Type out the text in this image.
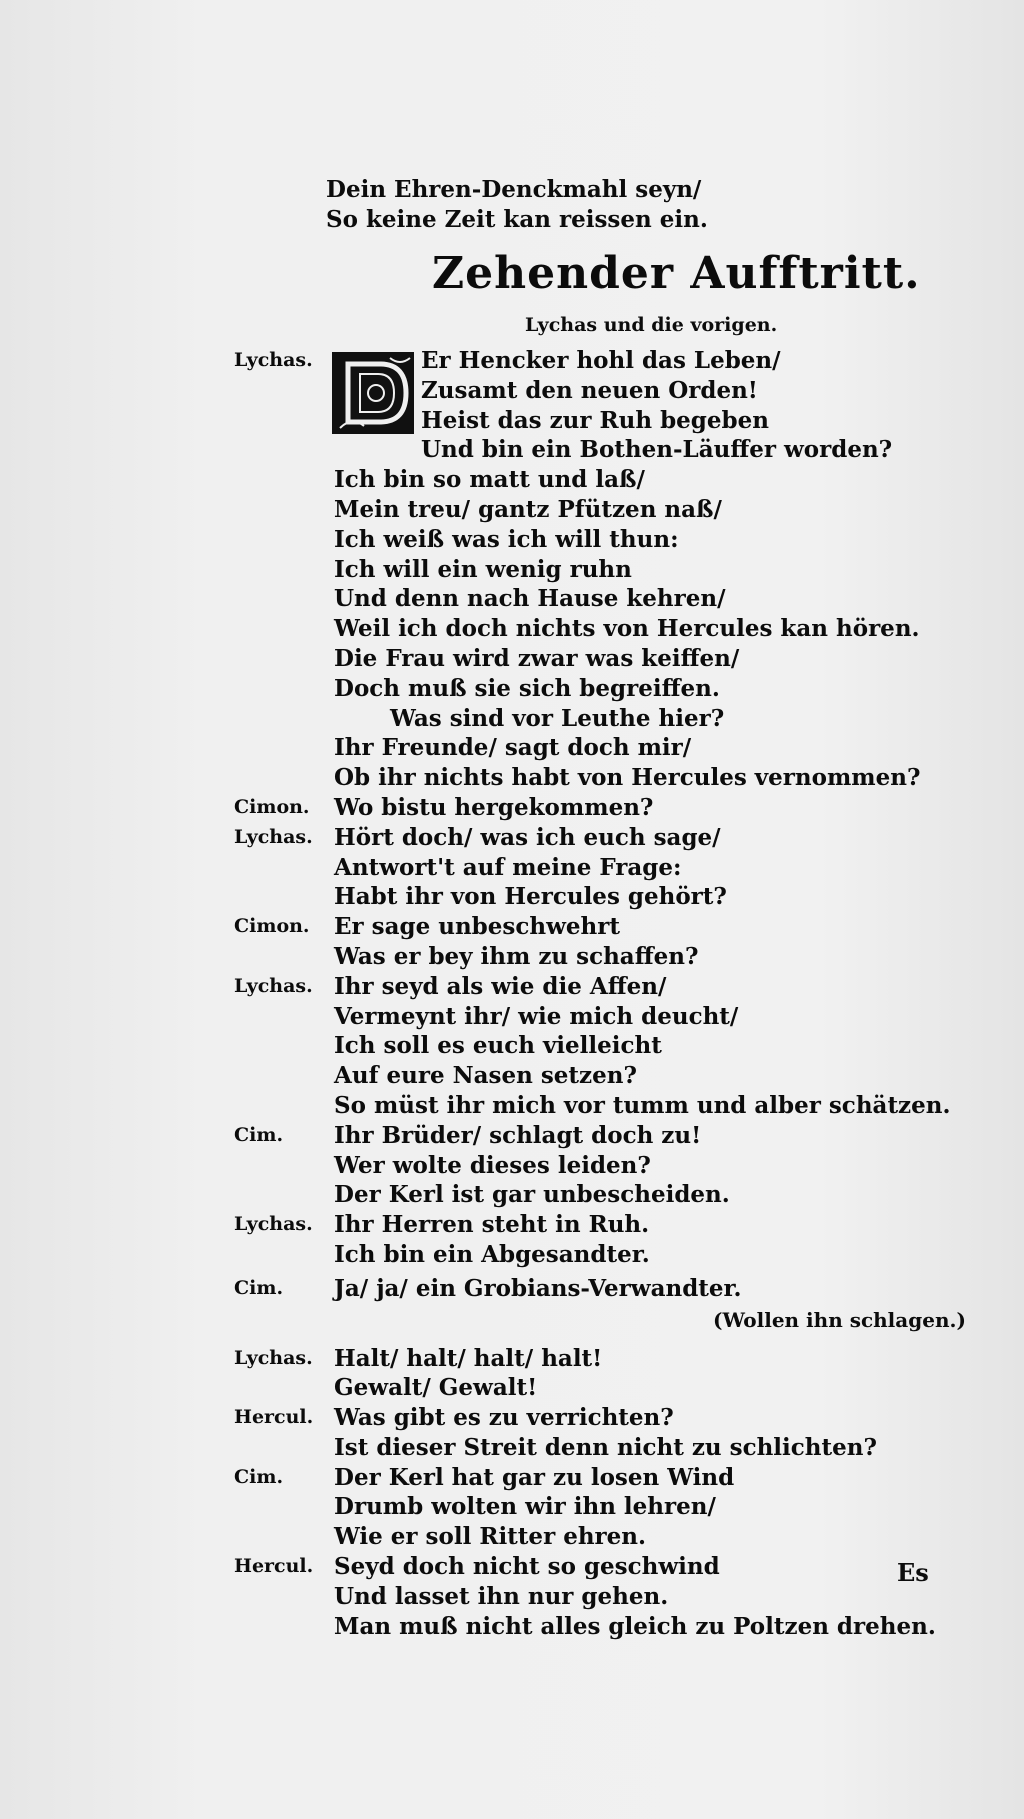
Dein Ehren-Denckmahl seyn/
So keine Zeit kan reissen ein.
Zehender Aufftritt.
Lychas und die vorigen.
Lychas.	Er Hencker hohl das Leben/
Zusamt den neuen Orden!
Heist das zur Ruh begeben
Und bin ein Bothen-Läuffer worden?
Ich bin so matt und laß/
Mein treu/ gantz Pfützen naß/
Ich weiß was ich will thun:
Ich will ein wenig ruhn
Und denn nach Hause kehren/
Weil ich doch nichts von Hercules kan hören.
Die Frau wird zwar was keiffen/
Doch muß sie sich begreiffen.
Was sind vor Leuthe hier?
Ihr Freunde/ sagt doch mir/
Ob ihr nichts habt von Hercules vernommen?
Cimon. Wo bistu hergekommen?
Lychas. Hört doch/ was ich euch sage/
Antwort't auf meine Frage:
Habt ihr von Hercules gehört?
Cimon. Er sage unbeschwehrt
Was er bey ihm zu schaffen?
Lychas. Ihr seyd als wie die Affen/
Vermeynt ihr/ wie mich deucht/
Ich soll es euch vielleicht
Auf eure Nasen setzen?
So müst ihr mich vor tumm und alber schätzen.
Cim. Ihr Brüder/ schlagt doch zu!
Wer wolte dieses leiden?
Der Kerl ist gar unbescheiden.
Lychas. Ihr Herren steht in Ruh.
Ich bin ein Abgesandter.
Cim. Ja/ ja/ ein Grobians-Verwandter.
(Wollen ihn schlagen.)
Lychas. Halt/ halt/ halt/ halt!
Gewalt/ Gewalt!
Hercul. Was gibt es zu verrichten?
Ist dieser Streit denn nicht zu schlichten?
Cim. Der Kerl hat gar zu losen Wind
Drumb wolten wir ihn lehren/
Wie er soll Ritter ehren.
Hercul. Seyd doch nicht so geschwind
Und lasset ihn nur gehen.
Man muß nicht alles gleich zu Poltzen drehen.
Es
